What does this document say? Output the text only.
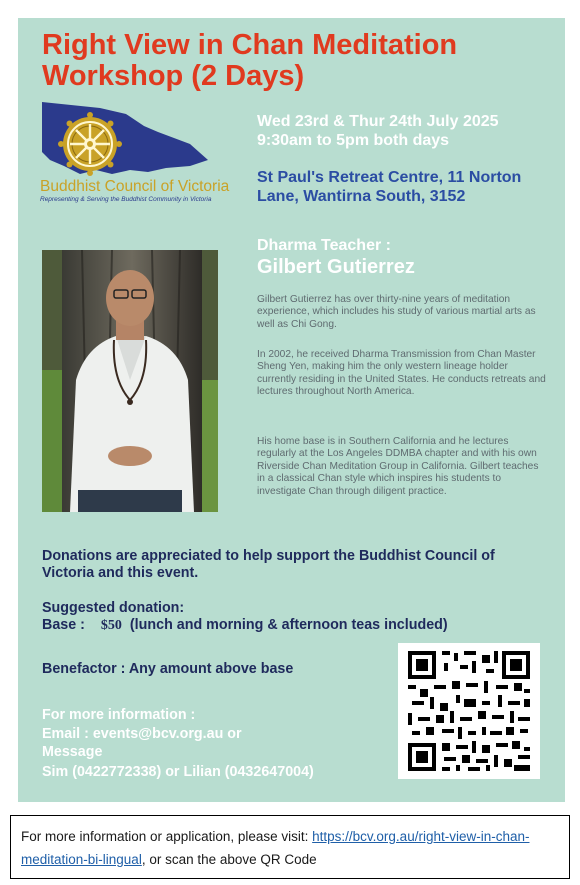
Right View in Chan Meditation Workshop (2 Days)
Buddhist Council of Victoria
Representing & Serving the Buddhist Community in Victoria
Wed 23rd & Thur 24th July 2025
9:30am to 5pm both days
St Paul's Retreat Centre, 11 Norton Lane, Wantirna South, 3152
Dharma Teacher :
Gilbert Gutierrez
Gilbert Gutierrez has over thirty-nine years of meditation experience, which includes his study of various martial arts as well as Chi Gong.
In 2002, he received Dharma Transmission from Chan Master Sheng Yen, making him the only western lineage holder currently residing in the United States. He conducts retreats and lectures throughout North America.
His home base is in Southern California and he lectures regularly at the Los Angeles DDMBA chapter and with his own Riverside Chan Meditation Group in California. Gilbert teaches in a classical Chan style which inspires his students to investigate Chan through diligent practice.
Donations are appreciated to help support the Buddhist Council of Victoria and this event.
Suggested donation:
Base : $50 (lunch and morning & afternoon teas included)
Benefactor : Any amount above base
For more information :
Email : events@bcv.org.au or
Message
Sim (0422772338) or Lilian (0432647004)
For more information or application, please visit: https://bcv.org.au/right-view-in-chan-meditation-bi-lingual, or scan the above QR Code
